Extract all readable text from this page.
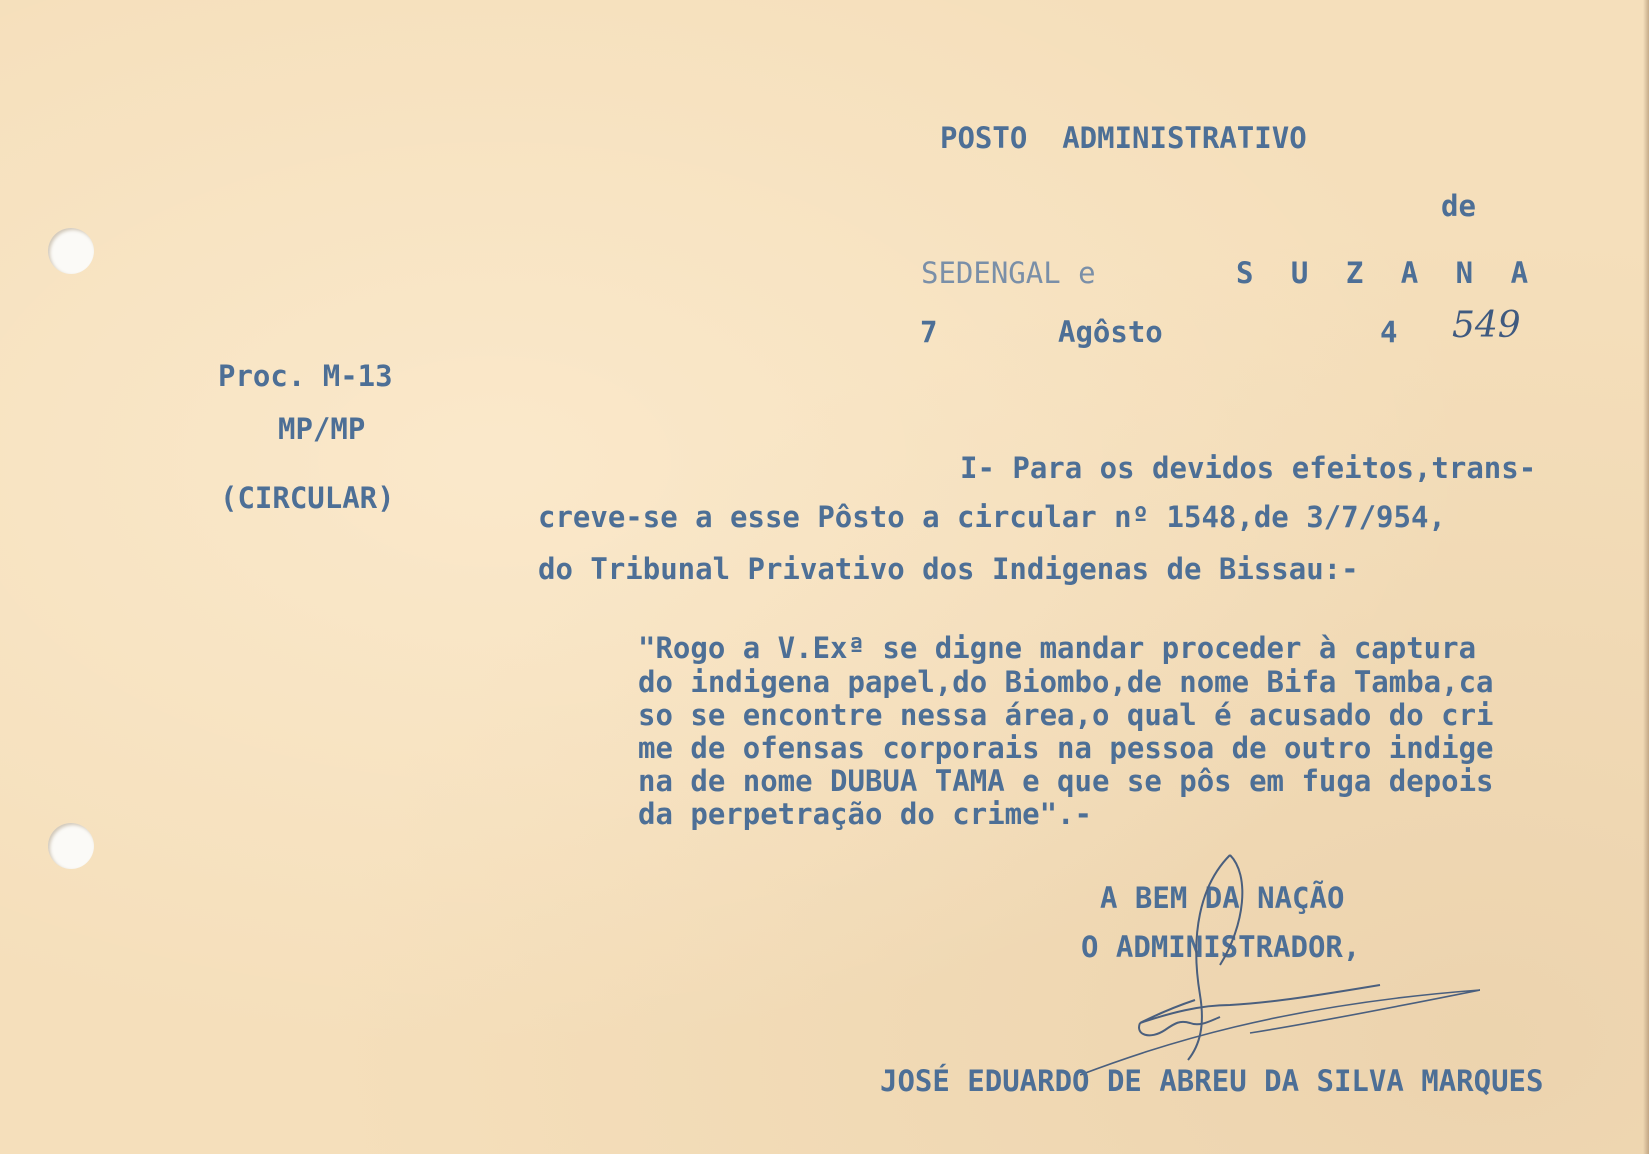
POSTO  ADMINISTRATIVO

de

SEDENGAL e	S U Z A N A

7	Agôsto	4 549

Proc. M-13

MP/MP

(CIRCULAR)

I- Para os devidos efeitos,trans-

creve-se a esse Pôsto a circular nº 1548,de 3/7/954,

do Tribunal Privativo dos Indigenas de Bissau:-

"Rogo a V.Exª se digne mandar proceder à captura

do indigena papel,do Biombo,de nome Bifa Tamba,ca

so se encontre nessa área,o qual é acusado do cri

me de ofensas corporais na pessoa de outro indige

na de nome DUBUA TAMA e que se pôs em fuga depois

da perpetração do crime".-

A BEM DA NAÇÃO

O ADMINISTRADOR,

JOSÉ EDUARDO DE ABREU DA SILVA MARQUES
